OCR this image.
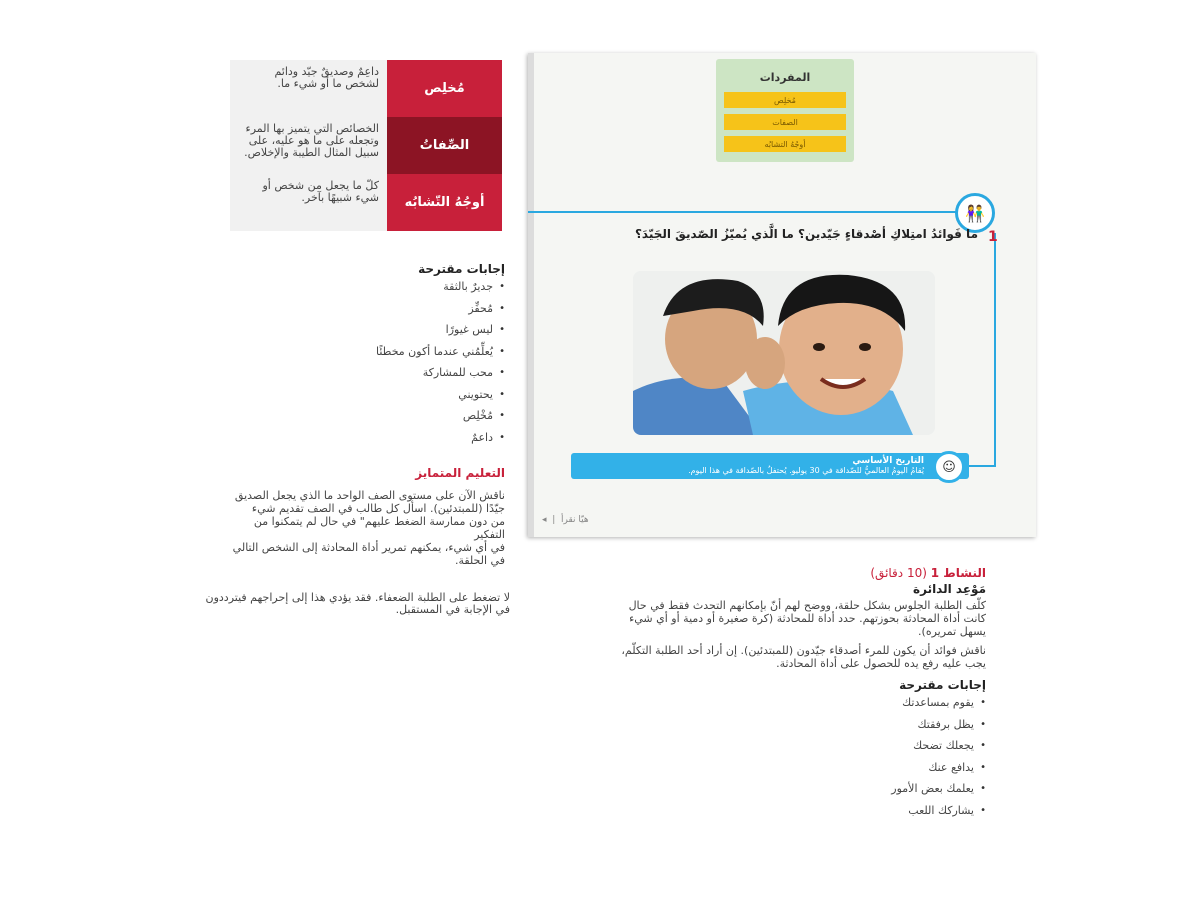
مُخلِص
داعِمٌ وصديقٌ جيّد ودائم لشخص ما أو شيء ما.
الصِّفاتُ
الخصائص التي يتميز بها المرء وتجعله على ما هو عليه، على سبيل المثال الطيبة والإخلاص.
أوجُهُ التّشابُه
كلّ ما يجعل من شخص أو شيء شبيهًا بآخر.
إجابات مقترحة
•
جديرٌ بالثقة
•
مُحفِّز
•
ليس غيورًا
•
يُعلِّمُني عندما أكون مخطئًا
•
محب للمشاركة
•
يحتويني
•
مُخْلِص
•
داعمٌ
التعليم المتمايز

ناقش الآن على مستوى الصف الواحد ما الذي يجعل الصديق

جيّدًا (للمبتدئين). اسأل كل طالب في الصف تقديم شيء

من دون ممارسة الضغط عليهم" في حال لم يتمكنوا من

التفكير

في أي شيء، يمكنهم تمرير أداة المحادثة إلى الشخص التالي

في الحلقة.

لا تضغط على الطلبة الضعفاء. فقد يؤدي هذا إلى إحراجهم فيترددون في الإجابة في المستقبل.
المفردات
مُخلِص
الصفات
أوجُهُ التشابُه
👫
1
ما فَوائدُ امتِلاكِ أصْدقاءٍ جَيّدين؟ ما الَّذي يُميّزُ الصّديقَ الجَيّدَ؟
التاريخ الأساسي
يُقامُ اليومُ العالميُّ للصّداقة في 30 يوليو. يُحتفلُ بالصّداقة في هذا اليوم.	☺
◂  |  هيّا نقرأ
النشاط 1 (10 دقائق)
مَوْعِد الدائرة
كلّف الطلبة الجلوس بشكل حلقة، ووضح لهم أنّ بإمكانهم التحدث فقط في حال كانت أداة المحادثة بحوزتهم. حدد أداة للمحادثة (كرة صغيرة أو دمية أو أي شيء يسهل تمريره).
ناقش فوائد أن يكون للمرء أصدقاء جيّدون (للمبتدئين). إن أراد أحد الطلبة التكلّم، يجب عليه رفع يده للحصول على أداة المحادثة.
إجابات مقترحة
•
يقوم بمساعدتك
•
يظل برفقتك
•
يجعلك تضحك
•
يدافع عنك
•
يعلمك بعض الأمور
•
يشاركك اللعب
